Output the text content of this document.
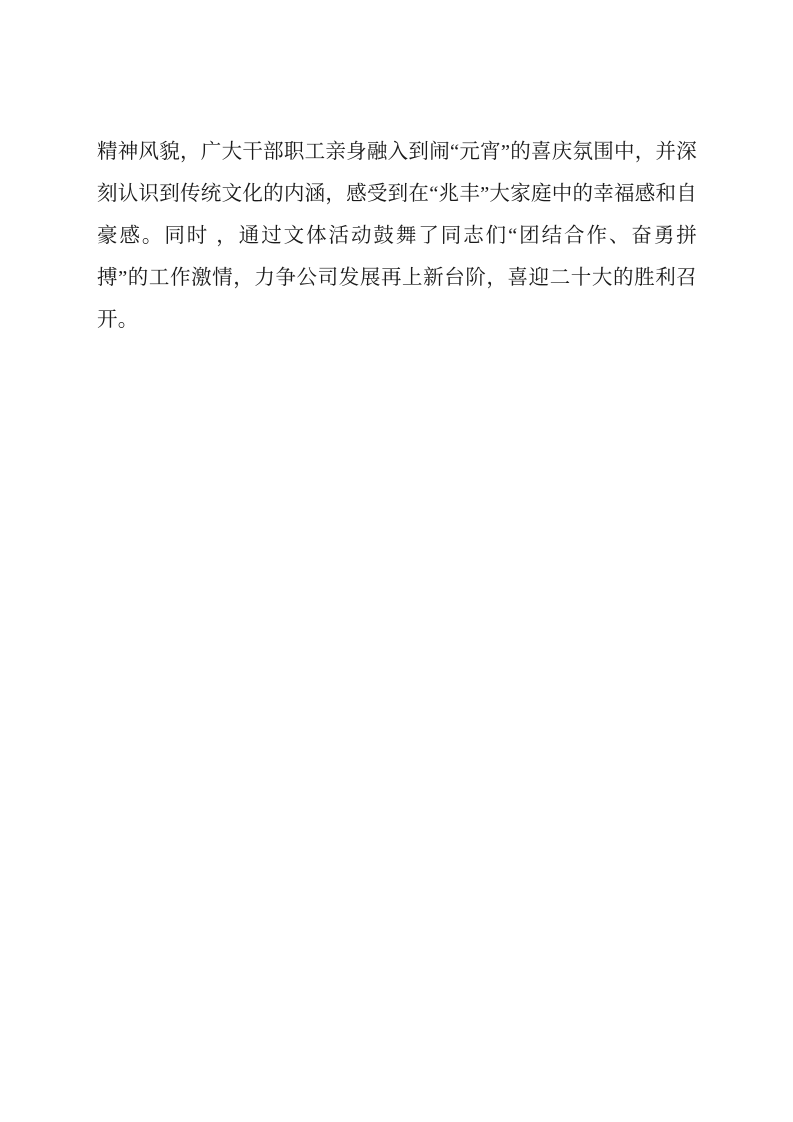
精神风貌，广大干部职工亲身融入到闹“元宵”的喜庆氛围中，并深刻认识到传统文化的内涵，感受到在“兆丰”大家庭中的幸福感和自豪感。同时 ，通过文体活动鼓舞了同志们“团结合作、奋勇拼搏”的工作激情，力争公司发展再上新台阶，喜迎二十大的胜利召开。
